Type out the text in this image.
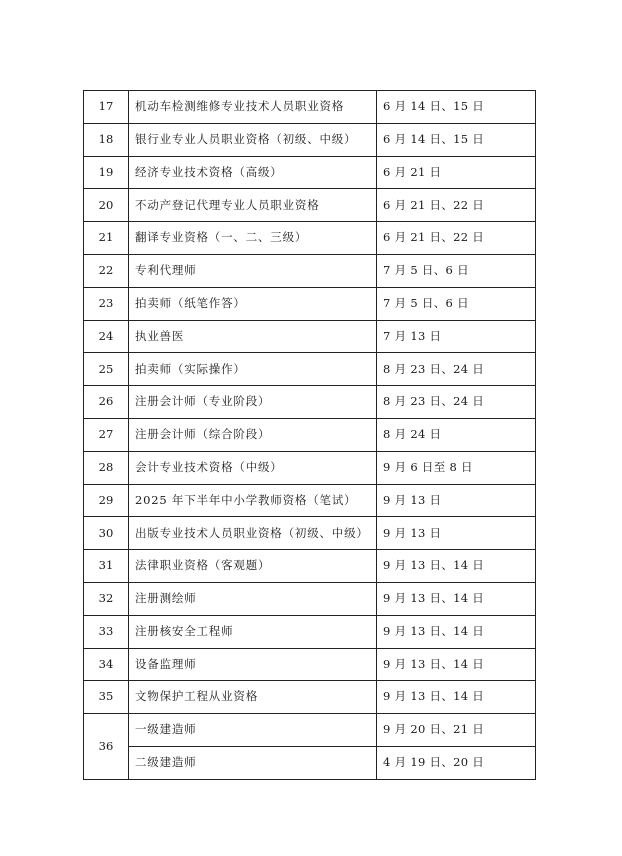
17	机动车检测维修专业技术人员职业资格	6 月 14 日、15 日
18	银行业专业人员职业资格（初级、中级）	6 月 14 日、15 日
19	经济专业技术资格（高级）	6 月 21 日
20	不动产登记代理专业人员职业资格	6 月 21 日、22 日
21	翻译专业资格（一、二、三级）	6 月 21 日、22 日
22	专利代理师	7 月 5 日、6 日
23	拍卖师（纸笔作答）	7 月 5 日、6 日
24	执业兽医	7 月 13 日
25	拍卖师（实际操作）	8 月 23 日、24 日
26	注册会计师（专业阶段）	8 月 23 日、24 日
27	注册会计师（综合阶段）	8 月 24 日
28	会计专业技术资格（中级）	9 月 6 日至 8 日
29	2025 年下半年中小学教师资格（笔试）	9 月 13 日
30	出版专业技术人员职业资格（初级、中级）	9 月 13 日
31	法律职业资格（客观题）	9 月 13 日、14 日
32	注册测绘师	9 月 13 日、14 日
33	注册核安全工程师	9 月 13 日、14 日
34	设备监理师	9 月 13 日、14 日
35	文物保护工程从业资格	9 月 13 日、14 日
36	一级建造师	9 月 20 日、21 日
	二级建造师	4 月 19 日、20 日
